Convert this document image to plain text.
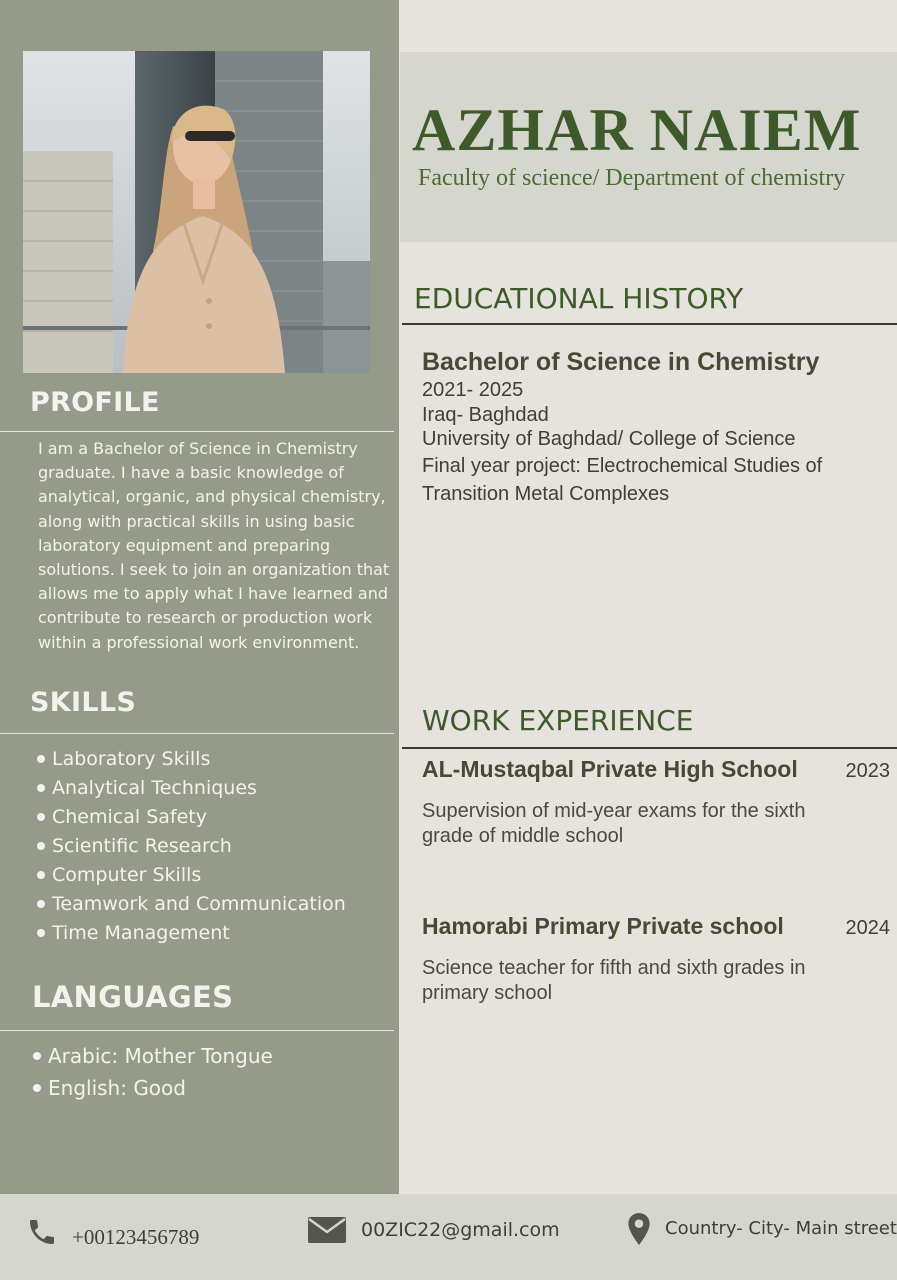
PROFILE

I am a Bachelor of Science in Chemistry graduate. I have a basic knowledge of analytical, organic, and physical chemistry, along with practical skills in using basic laboratory equipment and preparing solutions. I seek to join an organization that allows me to apply what I have learned and contribute to research or production work within a professional work environment.

SKILLS
Laboratory Skills
Analytical Techniques
Chemical Safety
Scientific Research
Computer Skills
Teamwork and Communication
Time Management
LANGUAGES
Arabic: Mother Tongue
English: Good
AZHAR NAIEM
Faculty of science/ Department of chemistry
EDUCATIONAL HISTORY
Bachelor of Science in Chemistry
2021- 2025
Iraq- Baghdad
University of Baghdad/ College of Science
Final year project: Electrochemical Studies of Transition Metal Complexes
WORK EXPERIENCE
AL-Mustaqbal Private High School 2023
Supervision of mid-year exams for the sixth grade of middle school
Hamorabi Primary Private school	2024
Science teacher for fifth and sixth grades in primary school
+00123456789	00ZIC22@gmail.com	Country- City- Main street
